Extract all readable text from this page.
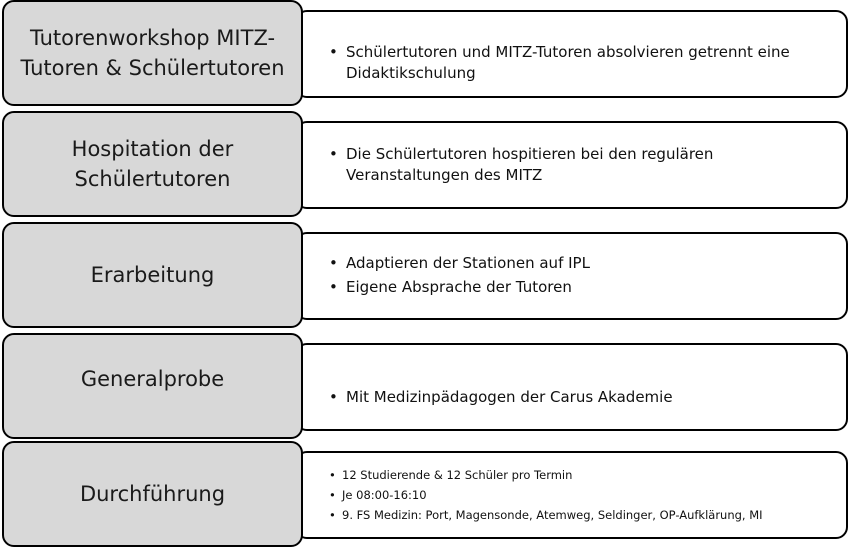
Tutorenworkshop MITZ-Tutoren & Schülertutoren
• Schülertutoren und MITZ-Tutoren absolvieren getrennt eine Didaktikschulung
Hospitation der Schülertutoren
• Die Schülertutoren hospitieren bei den regulären Veranstaltungen des MITZ
Erarbeitung
•	Adaptieren der Stationen auf IPL
• Eigene Absprache der Tutoren
Generalprobe
• Mit Medizinpädagogen der Carus Akademie
Durchführung
• 12 Studierende & 12 Schüler pro Termin
• Je 08:00-16:10
• 9. FS Medizin: Port, Magensonde, Atemweg, Seldinger, OP-Aufklärung, MI
